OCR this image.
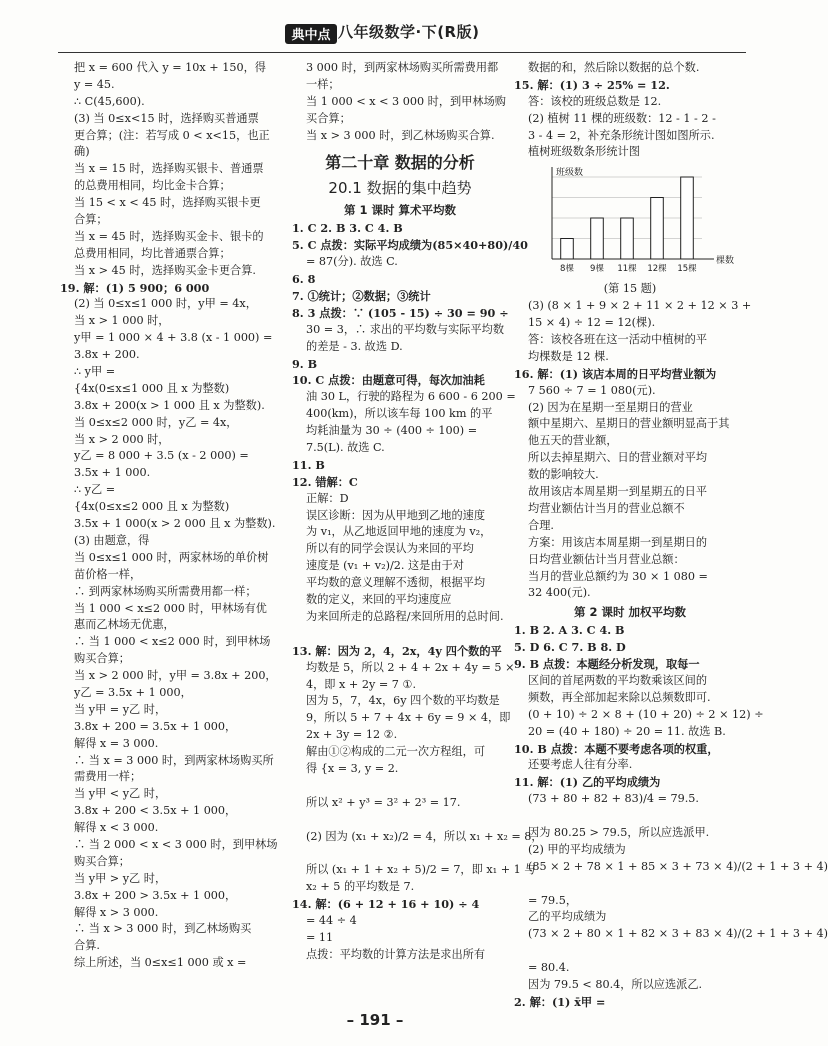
典中点 八年级数学·下(R版)
把 x = 600 代入 y = 10x + 150，得
y = 45.
∴ C(45,600).
(3) 当 0≤x<15 时，选择购买普通票
更合算；(注：若写成 0 < x<15，也正
确)
当 x = 15 时，选择购买银卡、普通票
的总费用相同，均比金卡合算；
当 15 < x < 45 时，选择购买银卡更
合算；
当 x = 45 时，选择购买金卡、银卡的
总费用相同，均比普通票合算；
当 x > 45 时，选择购买金卡更合算.
19. 解：(1) 5 900；6 000
(2) 当 0≤x≤1 000 时，y甲 = 4x，
当 x > 1 000 时，
y甲 = 1 000 × 4 + 3.8 (x - 1 000) =
3.8x + 200.
∴ y甲 =
{4x(0≤x≤1 000 且 x 为整数)
3.8x + 200(x > 1 000 且 x 为整数).
当 0≤x≤2 000 时，y乙 = 4x，
当 x > 2 000 时，
y乙 = 8 000 + 3.5 (x - 2 000) =
3.5x + 1 000.
∴ y乙 =
{4x(0≤x≤2 000 且 x 为整数)
3.5x + 1 000(x > 2 000 且 x 为整数).
(3) 由题意，得
当 0≤x≤1 000 时，两家林场的单价树
苗价格一样，
∴ 到两家林场购买所需费用都一样；
当 1 000 < x≤2 000 时，甲林场有优
惠而乙林场无优惠，
∴ 当 1 000 < x≤2 000 时，到甲林场
购买合算；
当 x > 2 000 时，y甲 = 3.8x + 200，
y乙 = 3.5x + 1 000，
当 y甲 = y乙 时，
3.8x + 200 = 3.5x + 1 000，
解得 x = 3 000.
∴ 当 x = 3 000 时，到两家林场购买所
需费用一样；
当 y甲 < y乙 时，
3.8x + 200 < 3.5x + 1 000，
解得 x < 3 000.
∴ 当 2 000 < x < 3 000 时，到甲林场
购买合算；
当 y甲 > y乙 时，
3.8x + 200 > 3.5x + 1 000，
解得 x > 3 000.
∴ 当 x > 3 000 时，到乙林场购买
合算.
综上所述，当 0≤x≤1 000 或 x =
3 000 时，到两家林场购买所需费用都
一样；
当 1 000 < x < 3 000 时，到甲林场购
买合算；
当 x > 3 000 时，到乙林场购买合算.
第二十章 数据的分析
20.1 数据的集中趋势
第 1 课时 算术平均数
1. C 2. B 3. C 4. B
5. C 点拨：实际平均成绩为(85×40+80)/40
= 87(分). 故选 C.
6. 8
7. ①统计；②数据；③统计
8. 3 点拨：∵ (105 - 15) ÷ 30 = 90 ÷
30 = 3，∴ 求出的平均数与实际平均数
的差是 - 3. 故选 D.
9. B
10. C 点拨：由题意可得，每次加油耗
油 30 L，行驶的路程为 6 600 - 6 200 =
400(km)，所以该车每 100 km 的平
均耗油量为 30 ÷ (400 ÷ 100) =
7.5(L). 故选 C.
11. B
12. 错解：C
正解：D
误区诊断：因为从甲地到乙地的速度
为 v₁，从乙地返回甲地的速度为 v₂，
所以有的同学会误认为来回的平均
速度是 (v₁ + v₂)/2. 这是由于对
平均数的意义理解不透彻，根据平均
数的定义，来回的平均速度应
为来回所走的总路程/来回所用的总时间.
13. 解：因为 2，4，2x，4y 四个数的平
均数是 5，所以 2 + 4 + 2x + 4y = 5 ×
4，即 x + 2y = 7 ①.
因为 5，7，4x，6y 四个数的平均数是
9，所以 5 + 7 + 4x + 6y = 9 × 4，即
2x + 3y = 12 ②.
解由①②构成的二元一次方程组，可
得 {x = 3, y = 2.
所以 x² + y³ = 3² + 2³ = 17.
(2) 因为 (x₁ + x₂)/2 = 4，所以 x₁ + x₂ = 8，
所以 (x₁ + 1 + x₂ + 5)/2 = 7，即 x₁ + 1 与
x₂ + 5 的平均数是 7.
14. 解：(6 + 12 + 16 + 10) ÷ 4
= 44 ÷ 4
= 11
点拨：平均数的计算方法是求出所有
数据的和，然后除以数据的总个数.
15. 解：(1) 3 ÷ 25% = 12.
答：该校的班级总数是 12.
(2) 植树 11 棵的班级数：12 - 1 - 2 -
3 - 4 = 2，补充条形统计图如图所示.
植树班级数条形统计图
班级数
棵数
8棵 9棵 11棵 12棵 15棵
(第 15 题)
(3) (8 × 1 + 9 × 2 + 11 × 2 + 12 × 3 +
15 × 4) ÷ 12 = 12(棵).
答：该校各班在这一活动中植树的平
均棵数是 12 棵.
16. 解：(1) 该店本周的日平均营业额为
7 560 ÷ 7 = 1 080(元).
(2) 因为在星期一至星期日的营业
额中星期六、星期日的营业额明显高于其
他五天的营业额，
所以去掉星期六、日的营业额对平均
数的影响较大.
故用该店本周星期一到星期五的日平
均营业额估计当月的营业总额不
合理.
方案：用该店本周星期一到星期日的
日均营业额估计当月营业总额：
当月的营业总额约为 30 × 1 080 =
32 400(元).
第 2 课时 加权平均数
1. B 2. A 3. C 4. B
5. D 6. C 7. B 8. D
9. B 点拨：本题经分析发现，取每一
区间的首尾两数的平均数乘该区间的
频数，再全部加起来除以总频数即可.
(0 + 10) ÷ 2 × 8 + (10 + 20) ÷ 2 × 12) ÷
20 = (40 + 180) ÷ 20 = 11. 故选 B.
10. B 点拨：本题不要考虑各项的权重，
还要考虑人往有分率.
11. 解：(1) 乙的平均成绩为
(73 + 80 + 82 + 83)/4 = 79.5.
因为 80.25 > 79.5，所以应选派甲.
(2) 甲的平均成绩为
(85 × 2 + 78 × 1 + 85 × 3 + 73 × 4)/(2 + 1 + 3 + 4)
= 79.5，
乙的平均成绩为
(73 × 2 + 80 × 1 + 82 × 3 + 83 × 4)/(2 + 1 + 3 + 4)
= 80.4.
因为 79.5 < 80.4，所以应选派乙.
2. 解：(1) x̄甲 =
– 191 –
